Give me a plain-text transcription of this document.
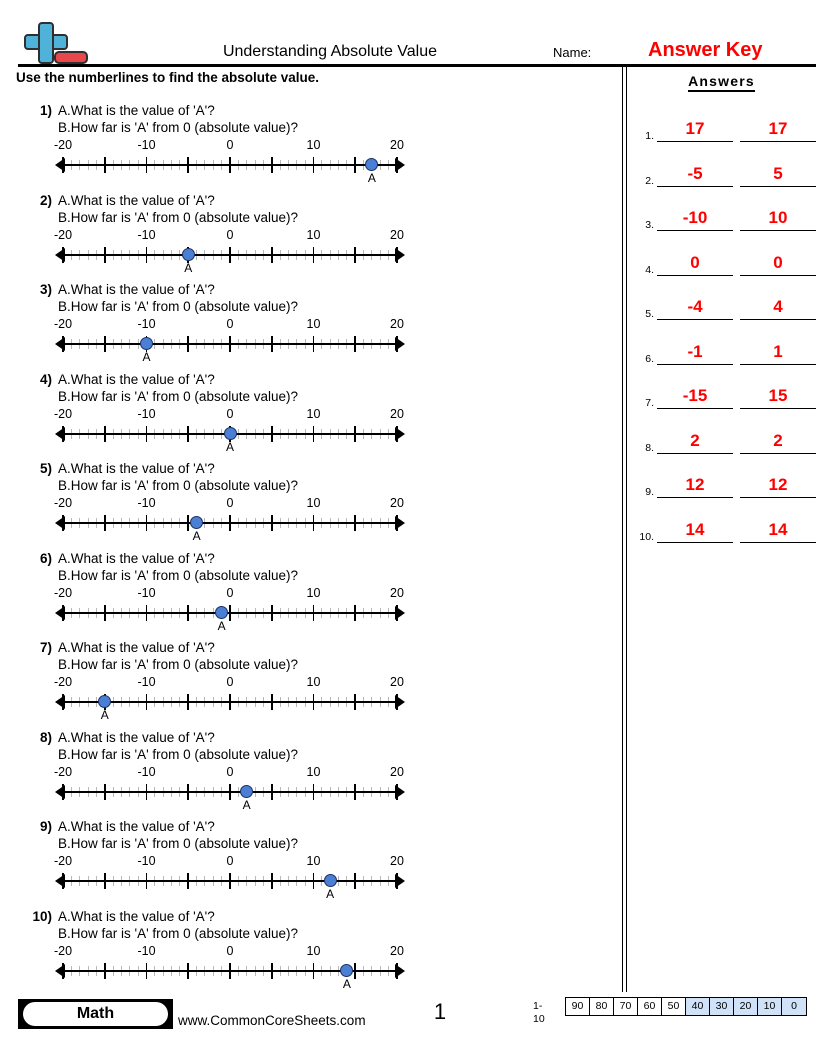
Understanding Absolute Value	Name:	Answer Key
Use the numberlines to find the absolute value.	Answers
1.	17	17
2.	-5	5
3.	-10	10
4.	0	0
5.	-4	4
6.	-1	1
7.	-15	15
8.	2	2
9.	12	12
10.	14	14
1) A.What is the value of 'A'?
B.How far is 'A' from 0 (absolute value)?
-20	-10	0	10	20
A
2) A.What is the value of 'A'?
B.How far is 'A' from 0 (absolute value)?
-20	-10	0	10	20
A
3) A.What is the value of 'A'?
B.How far is 'A' from 0 (absolute value)?
-20	-10	0	10	20
A
4) A.What is the value of 'A'?
B.How far is 'A' from 0 (absolute value)?
-20	-10	0	10	20
A
5) A.What is the value of 'A'?
B.How far is 'A' from 0 (absolute value)?
-20	-10	0	10	20
A
6) A.What is the value of 'A'?
B.How far is 'A' from 0 (absolute value)?
-20	-10	0	10	20
A
7) A.What is the value of 'A'?
B.How far is 'A' from 0 (absolute value)?
-20	-10	0	10	20
A
8) A.What is the value of 'A'?
B.How far is 'A' from 0 (absolute value)?
-20	-10	0	10	20
A
9) A.What is the value of 'A'?
B.How far is 'A' from 0 (absolute value)?
-20	-10	0	10	20
A
10) A.What is the value of 'A'?
B.How far is 'A' from 0 (absolute value)?
-20	-10	0	10	20
A
Math	www.CommonCoreSheets.com	1	1-10
90	80	70	60	50	40	30	20	10	0
